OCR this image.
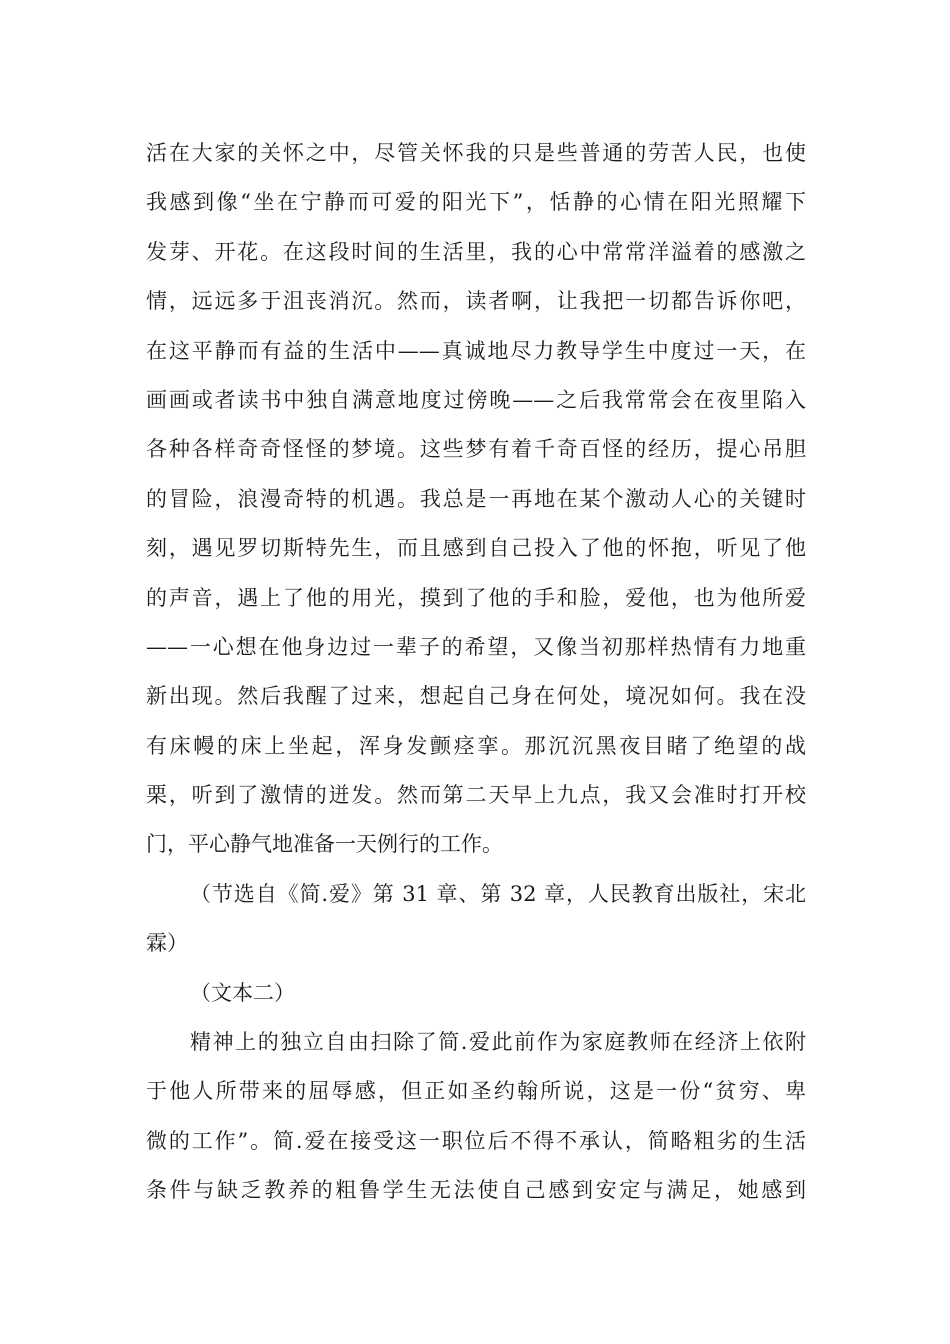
活在大家的关怀之中，尽管关怀我的只是些普通的劳苦人民，也使
我感到像“坐在宁静而可爱的阳光下”，恬静的心情在阳光照耀下
发芽、开花。在这段时间的生活里，我的心中常常洋溢着的感激之
情，远远多于沮丧消沉。然而，读者啊，让我把一切都告诉你吧，
在这平静而有益的生活中——真诚地尽力教导学生中度过一天，在
画画或者读书中独自满意地度过傍晚——之后我常常会在夜里陷入
各种各样奇奇怪怪的梦境。这些梦有着千奇百怪的经历，提心吊胆
的冒险，浪漫奇特的机遇。我总是一再地在某个激动人心的关键时
刻，遇见罗切斯特先生，而且感到自己投入了他的怀抱，听见了他
的声音，遇上了他的用光，摸到了他的手和脸，爱他，也为他所爱
——一心想在他身边过一辈子的希望，又像当初那样热情有力地重
新出现。然后我醒了过来，想起自己身在何处，境况如何。我在没
有床幔的床上坐起，浑身发颤痉挛。那沉沉黑夜目睹了绝望的战
栗，听到了激情的迸发。然而第二天早上九点，我又会准时打开校
门，平心静气地准备一天例行的工作。
（节选自《简.爱》第 31 章、第 32 章，人民教育出版社，宋北
霖）
（文本二）
精神上的独立自由扫除了简.爱此前作为家庭教师在经济上依附
于他人所带来的屈辱感，但正如圣约翰所说，这是一份“贫穷、卑
微的工作”。简.爱在接受这一职位后不得不承认，简略粗劣的生活
条件与缺乏教养的粗鲁学生无法使自己感到安定与满足，她感到
